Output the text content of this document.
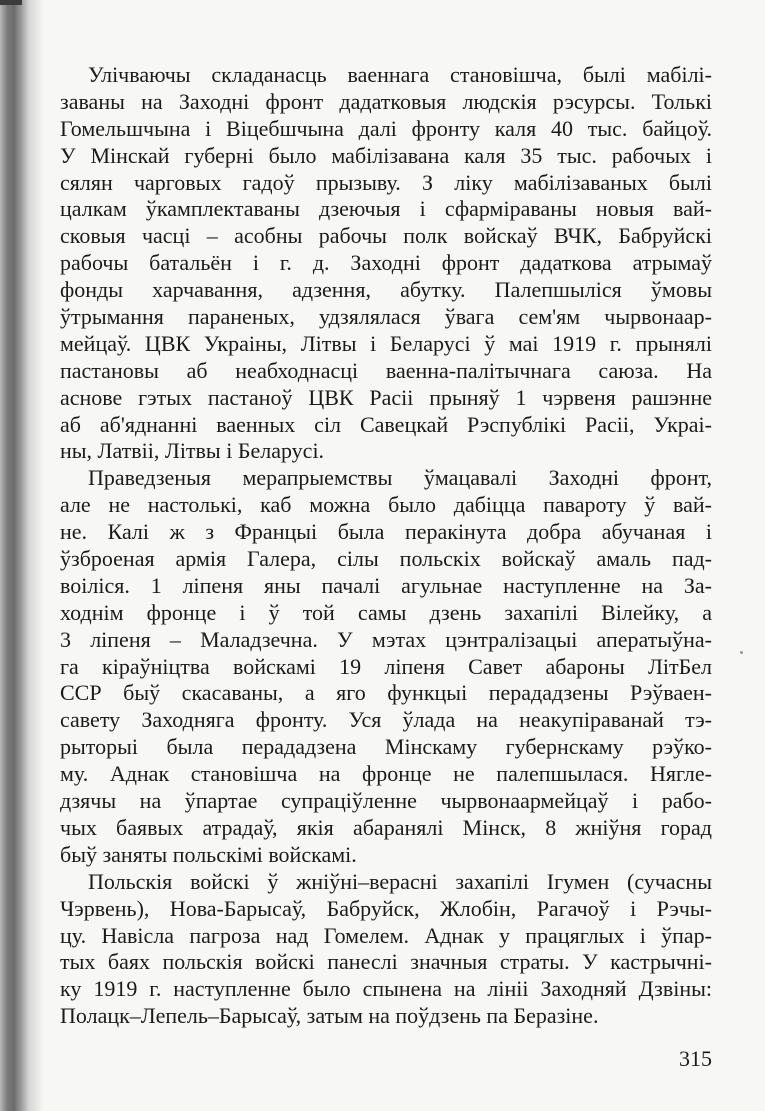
Улічваючы складанасць ваеннага становішча, былі мабілі-
заваны на Заходні фронт дадатковыя людскія рэсурсы. Толькі
Гомельшчына і Віцебшчына далі фронту каля 40 тыс. байцоў.
У Мінскай губерні было мабілізавана каля 35 тыс. рабочых і
сялян чарговых гадоў прызыву. З ліку мабілізаваных былі
цалкам ўкамплектаваны дзеючыя і сфарміраваны новыя вай-
сковыя часці – асобны рабочы полк войскаў ВЧК, Бабруйскі
рабочы батальён і г. д. Заходні фронт дадаткова атрымаў
фонды харчавання, адзення, абутку. Палепшыліся ўмовы
ўтрымання параненых, удзялялася ўвага сем'ям чырвонаар-
мейцаў. ЦВК Украіны, Літвы і Беларусі ў маі 1919 г. прынялі
пастановы аб неабходнасці ваенна-палітычнага саюза. На
аснове гэтых пастаноў ЦВК Расіі прыняў 1 чэрвеня рашэнне
аб аб'яднанні ваенных сіл Савецкай Рэспублікі Расіі, Украі-
ны, Латвіі, Літвы і Беларусі.
Праведзеныя мерапрыемствы ўмацавалі Заходні фронт,
але не настолькі, каб можна было дабіцца павароту ў вай-
не. Калі ж з Францыі была перакінута добра абучаная і
ўзброеная армія Галера, сілы польскіх войскаў амаль пад-
воіліся. 1 ліпеня яны пачалі агульнае наступленне на За-
ходнім фронце і ў той самы дзень захапілі Вілейку, а
3 ліпеня – Маладзечна. У мэтах цэнтралізацыі аператыўна-
га кіраўніцтва войскамі 19 ліпеня Савет абароны ЛітБел
ССР быў скасаваны, а яго функцыі перададзены Рэўваен-
савету Заходняга фронту. Уся ўлада на неакупіраванай тэ-
рыторыі была перададзена Мінскаму губернскаму рэўко-
му. Аднак становішча на фронце не палепшылася. Нягле-
дзячы на ўпартае супраціўленне чырвонаармейцаў і рабо-
чых баявых атрадаў, якія абаранялі Мінск, 8 жніўня горад
быў заняты польскімі войскамі.
Польскія войскі ў жніўні–верасні захапілі Ігумен (сучасны
Чэрвень), Нова-Барысаў, Бабруйск, Жлобін, Рагачоў і Рэчы-
цу. Навісла пагроза над Гомелем. Аднак у працяглых і ўпар-
тых баях польскія войскі панеслі значныя страты. У кастрычні-
ку 1919 г. наступленне было спынена на лініі Заходняй Дзвіны:
Полацк–Лепель–Барысаў, затым на поўдзень па Беразіне.
315
